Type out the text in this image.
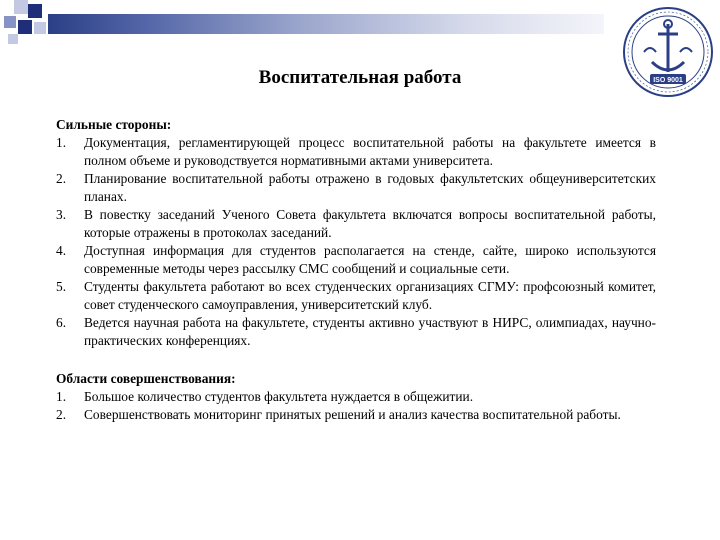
ISO 9001
Воспитательная работа
Сильные стороны:
1. Документация, регламентирующей процесс воспитательной работы на факультете имеется в полном объеме и руководствуется нормативными актами университета.
2. Планирование воспитательной работы отражено в годовых факультетских общеуниверситетских планах.
3. В повестку заседаний Ученого Совета факультета включатся вопросы воспитательной работы, которые отражены в протоколах заседаний.
4. Доступная информация для студентов располагается на стенде, сайте, широко используются современные методы через рассылку СМС сообщений и социальные сети.
5. Студенты факультета работают во всех студенческих организациях СГМУ: профсоюзный комитет, совет студенческого самоуправления, университетский клуб.
6. Ведется научная работа на факультете, студенты активно участвуют в НИРС, олимпиадах, научно- практических конференциях.
Области совершенствования:
1. Большое количество студентов факультета нуждается в общежитии.
2. Совершенствовать мониторинг принятых решений и анализ качества воспитательной работы.
